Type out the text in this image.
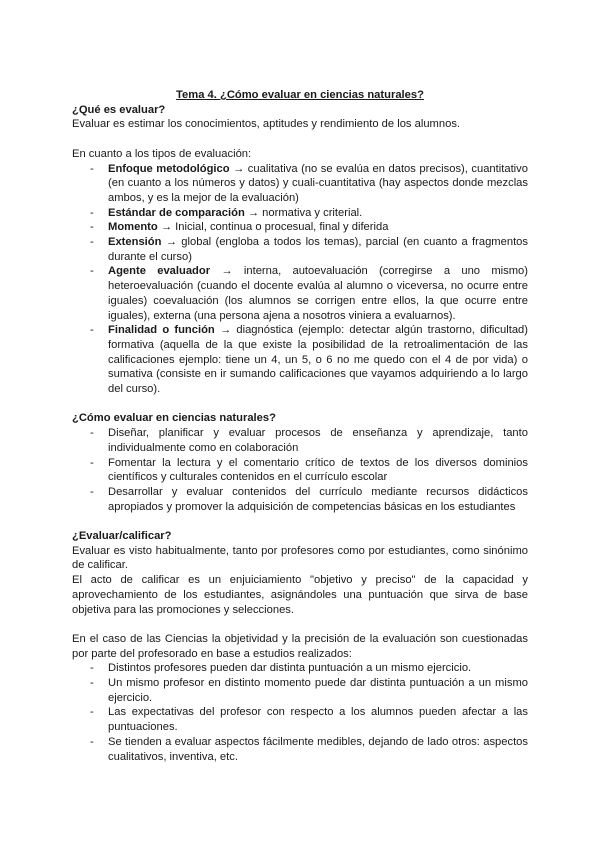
Tema 4. ¿Cómo evaluar en ciencias naturales?

¿Qué es evaluar?

Evaluar es estimar los conocimientos, aptitudes y rendimiento de los alumnos.

En cuanto a los tipos de evaluación:

- Enfoque metodológico → cualitativa (no se evalúa en datos precisos), cuantitativo (en cuanto a los números y datos) y cuali-cuantitativa (hay aspectos donde mezclas ambos, y es la mejor de la evaluación)
- Estándar de comparación → normativa y criterial.
- Momento → Inicial, continua o procesual, final y diferida
- Extensión → global (engloba a todos los temas), parcial (en cuanto a fragmentos durante el curso)
- Agente evaluador → interna, autoevaluación (corregirse a uno mismo) heteroevaluación (cuando el docente evalúa al alumno o viceversa, no ocurre entre iguales) coevaluación (los alumnos se corrigen entre ellos, la que ocurre entre iguales), externa (una persona ajena a nosotros viniera a evaluarnos).
- Finalidad o función → diagnóstica (ejemplo: detectar algún trastorno, dificultad) formativa (aquella de la que existe la posibilidad de la retroalimentación de las calificaciones ejemplo: tiene un 4, un 5, o 6 no me quedo con el 4 de por vida) o sumativa (consiste en ir sumando calificaciones que vayamos adquiriendo a lo largo del curso).

¿Cómo evaluar en ciencias naturales?

- Diseñar, planificar y evaluar procesos de enseñanza y aprendizaje, tanto individualmente como en colaboración
- Fomentar la lectura y el comentario crítico de textos de los diversos dominios científicos y culturales contenidos en el currículo escolar
- Desarrollar y evaluar contenidos del currículo mediante recursos didácticos apropiados y promover la adquisición de competencias básicas en los estudiantes

¿Evaluar/calificar?

Evaluar es visto habitualmente, tanto por profesores como por estudiantes, como sinónimo de calificar.

El acto de calificar es un enjuiciamiento "objetivo y preciso" de la capacidad y aprovechamiento de los estudiantes, asignándoles una puntuación que sirva de base objetiva para las promociones y selecciones.

En el caso de las Ciencias la objetividad y la precisión de la evaluación son cuestionadas por parte del profesorado en base a estudios realizados:

- Distintos profesores pueden dar distinta puntuación a un mismo ejercicio.
- Un mismo profesor en distinto momento puede dar distinta puntuación a un mismo ejercicio.
- Las expectativas del profesor con respecto a los alumnos pueden afectar a las puntuaciones.
- Se tienden a evaluar aspectos fácilmente medibles, dejando de lado otros: aspectos cualitativos, inventiva, etc.
